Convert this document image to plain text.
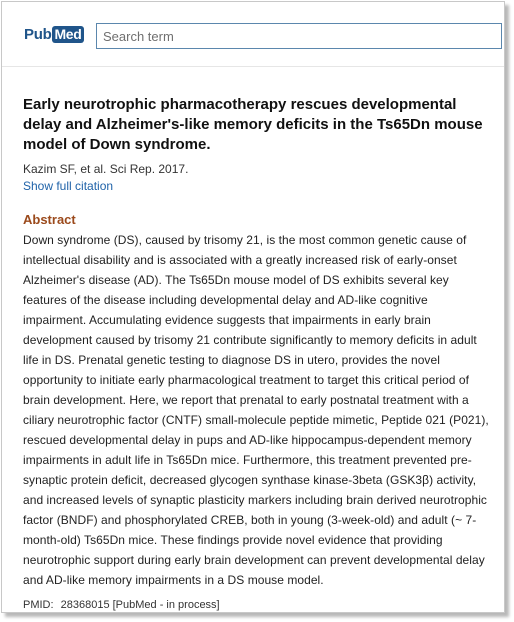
Pub Med
Search term
Early neurotrophic pharmacotherapy rescues developmental delay and Alzheimer's-like memory deficits in the Ts65Dn mouse model of Down syndrome.
Kazim SF, et al. Sci Rep. 2017.
Show full citation
Abstract
Down syndrome (DS), caused by trisomy 21, is the most common genetic cause of intellectual disability and is associated with a greatly increased risk of early-onset Alzheimer's disease (AD). The Ts65Dn mouse model of DS exhibits several key features of the disease including developmental delay and AD-like cognitive impairment. Accumulating evidence suggests that impairments in early brain development caused by trisomy 21 contribute significantly to memory deficits in adult life in DS. Prenatal genetic testing to diagnose DS in utero, provides the novel opportunity to initiate early pharmacological treatment to target this critical period of brain development. Here, we report that prenatal to early postnatal treatment with a ciliary neurotrophic factor (CNTF) small-molecule peptide mimetic, Peptide 021 (P021), rescued developmental delay in pups and AD-like hippocampus-dependent memory impairments in adult life in Ts65Dn mice. Furthermore, this treatment prevented pre-synaptic protein deficit, decreased glycogen synthase kinase-3beta (GSK3β) activity, and increased levels of synaptic plasticity markers including brain derived neurotrophic factor (BNDF) and phosphorylated CREB, both in young (3-week-old) and adult (~ 7-month-old) Ts65Dn mice. These findings provide novel evidence that providing neurotrophic support during early brain development can prevent developmental delay and AD-like memory impairments in a DS mouse model.
PMID: 28368015 [PubMed - in process]
